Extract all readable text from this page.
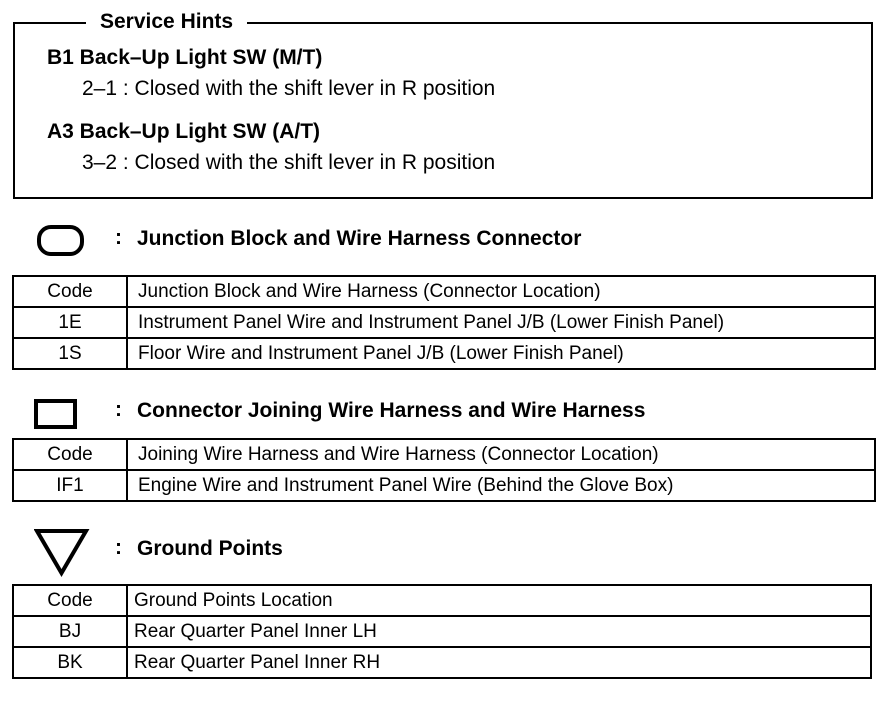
Service Hints
B1 Back–Up Light SW (M/T)
2–1 : Closed with the shift lever in R position
A3 Back–Up Light SW (A/T)
3–2 : Closed with the shift lever in R position
: Junction Block and Wire Harness Connector
Code	Junction Block and Wire Harness (Connector Location)
1E	Instrument Panel Wire and Instrument Panel J/B (Lower Finish Panel)
1S	Floor Wire and Instrument Panel J/B (Lower Finish Panel)
: Connector Joining Wire Harness and Wire Harness
Code	Joining Wire Harness and Wire Harness (Connector Location)
IF1	Engine Wire and Instrument Panel Wire (Behind the Glove Box)
: Ground Points
Code	Ground Points Location
BJ	Rear Quarter Panel Inner LH
BK	Rear Quarter Panel Inner RH
